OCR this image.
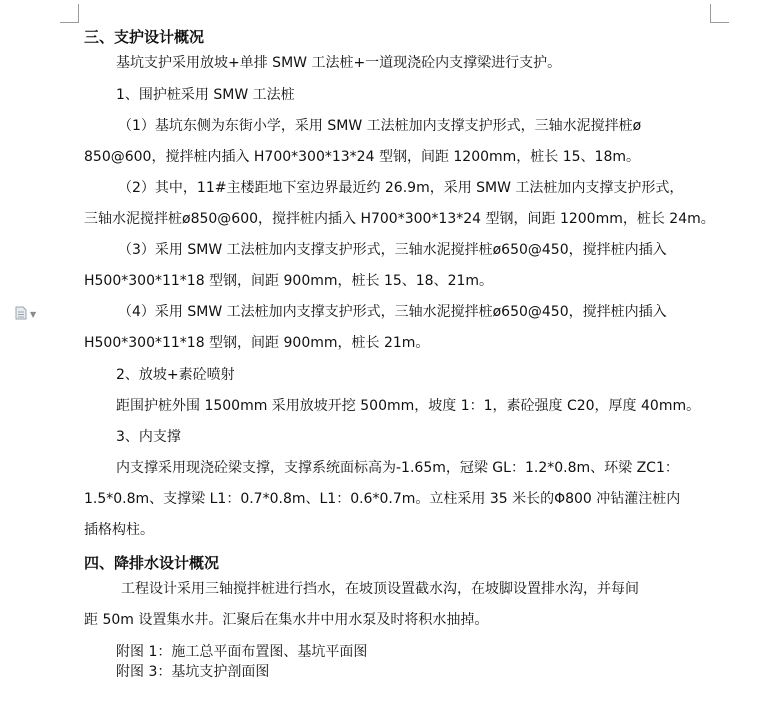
▼
三、支护设计概况
基坑支护采用放坡+单排 SMW 工法桩+一道现浇砼内支撑梁进行支护。
1、围护桩采用 SMW 工法桩
（1）基坑东侧为东街小学，采用 SMW 工法桩加内支撑支护形式，三轴水泥搅拌桩ø
850@600，搅拌桩内插入 H700*300*13*24 型钢，间距 1200mm，桩长 15、18m。
（2）其中，11#主楼距地下室边界最近约 26.9m，采用 SMW 工法桩加内支撑支护形式，
三轴水泥搅拌桩ø850@600，搅拌桩内插入 H700*300*13*24 型钢，间距 1200mm，桩长 24m。
（3）采用 SMW 工法桩加内支撑支护形式，三轴水泥搅拌桩ø650@450，搅拌桩内插入
H500*300*11*18 型钢，间距 900mm，桩长 15、18、21m。
（4）采用 SMW 工法桩加内支撑支护形式，三轴水泥搅拌桩ø650@450，搅拌桩内插入
H500*300*11*18 型钢，间距 900mm，桩长 21m。
2、放坡+素砼喷射
距围护桩外围 1500mm 采用放坡开挖 500mm，坡度 1：1，素砼强度 C20，厚度 40mm。
3、内支撑
内支撑采用现浇砼梁支撑，支撑系统面标高为-1.65m，冠梁 GL：1.2*0.8m、环梁 ZC1：
1.5*0.8m、支撑梁 L1：0.7*0.8m、L1：0.6*0.7m。立柱采用 35 米长的Φ800 冲钻灌注桩内
插格构柱。
四、降排水设计概况
工程设计采用三轴搅拌桩进行挡水，在坡顶设置截水沟，在坡脚设置排水沟，并每间
距 50m 设置集水井。汇聚后在集水井中用水泵及时将积水抽掉。
附图 1：施工总平面布置图、基坑平面图
附图 3：基坑支护剖面图
